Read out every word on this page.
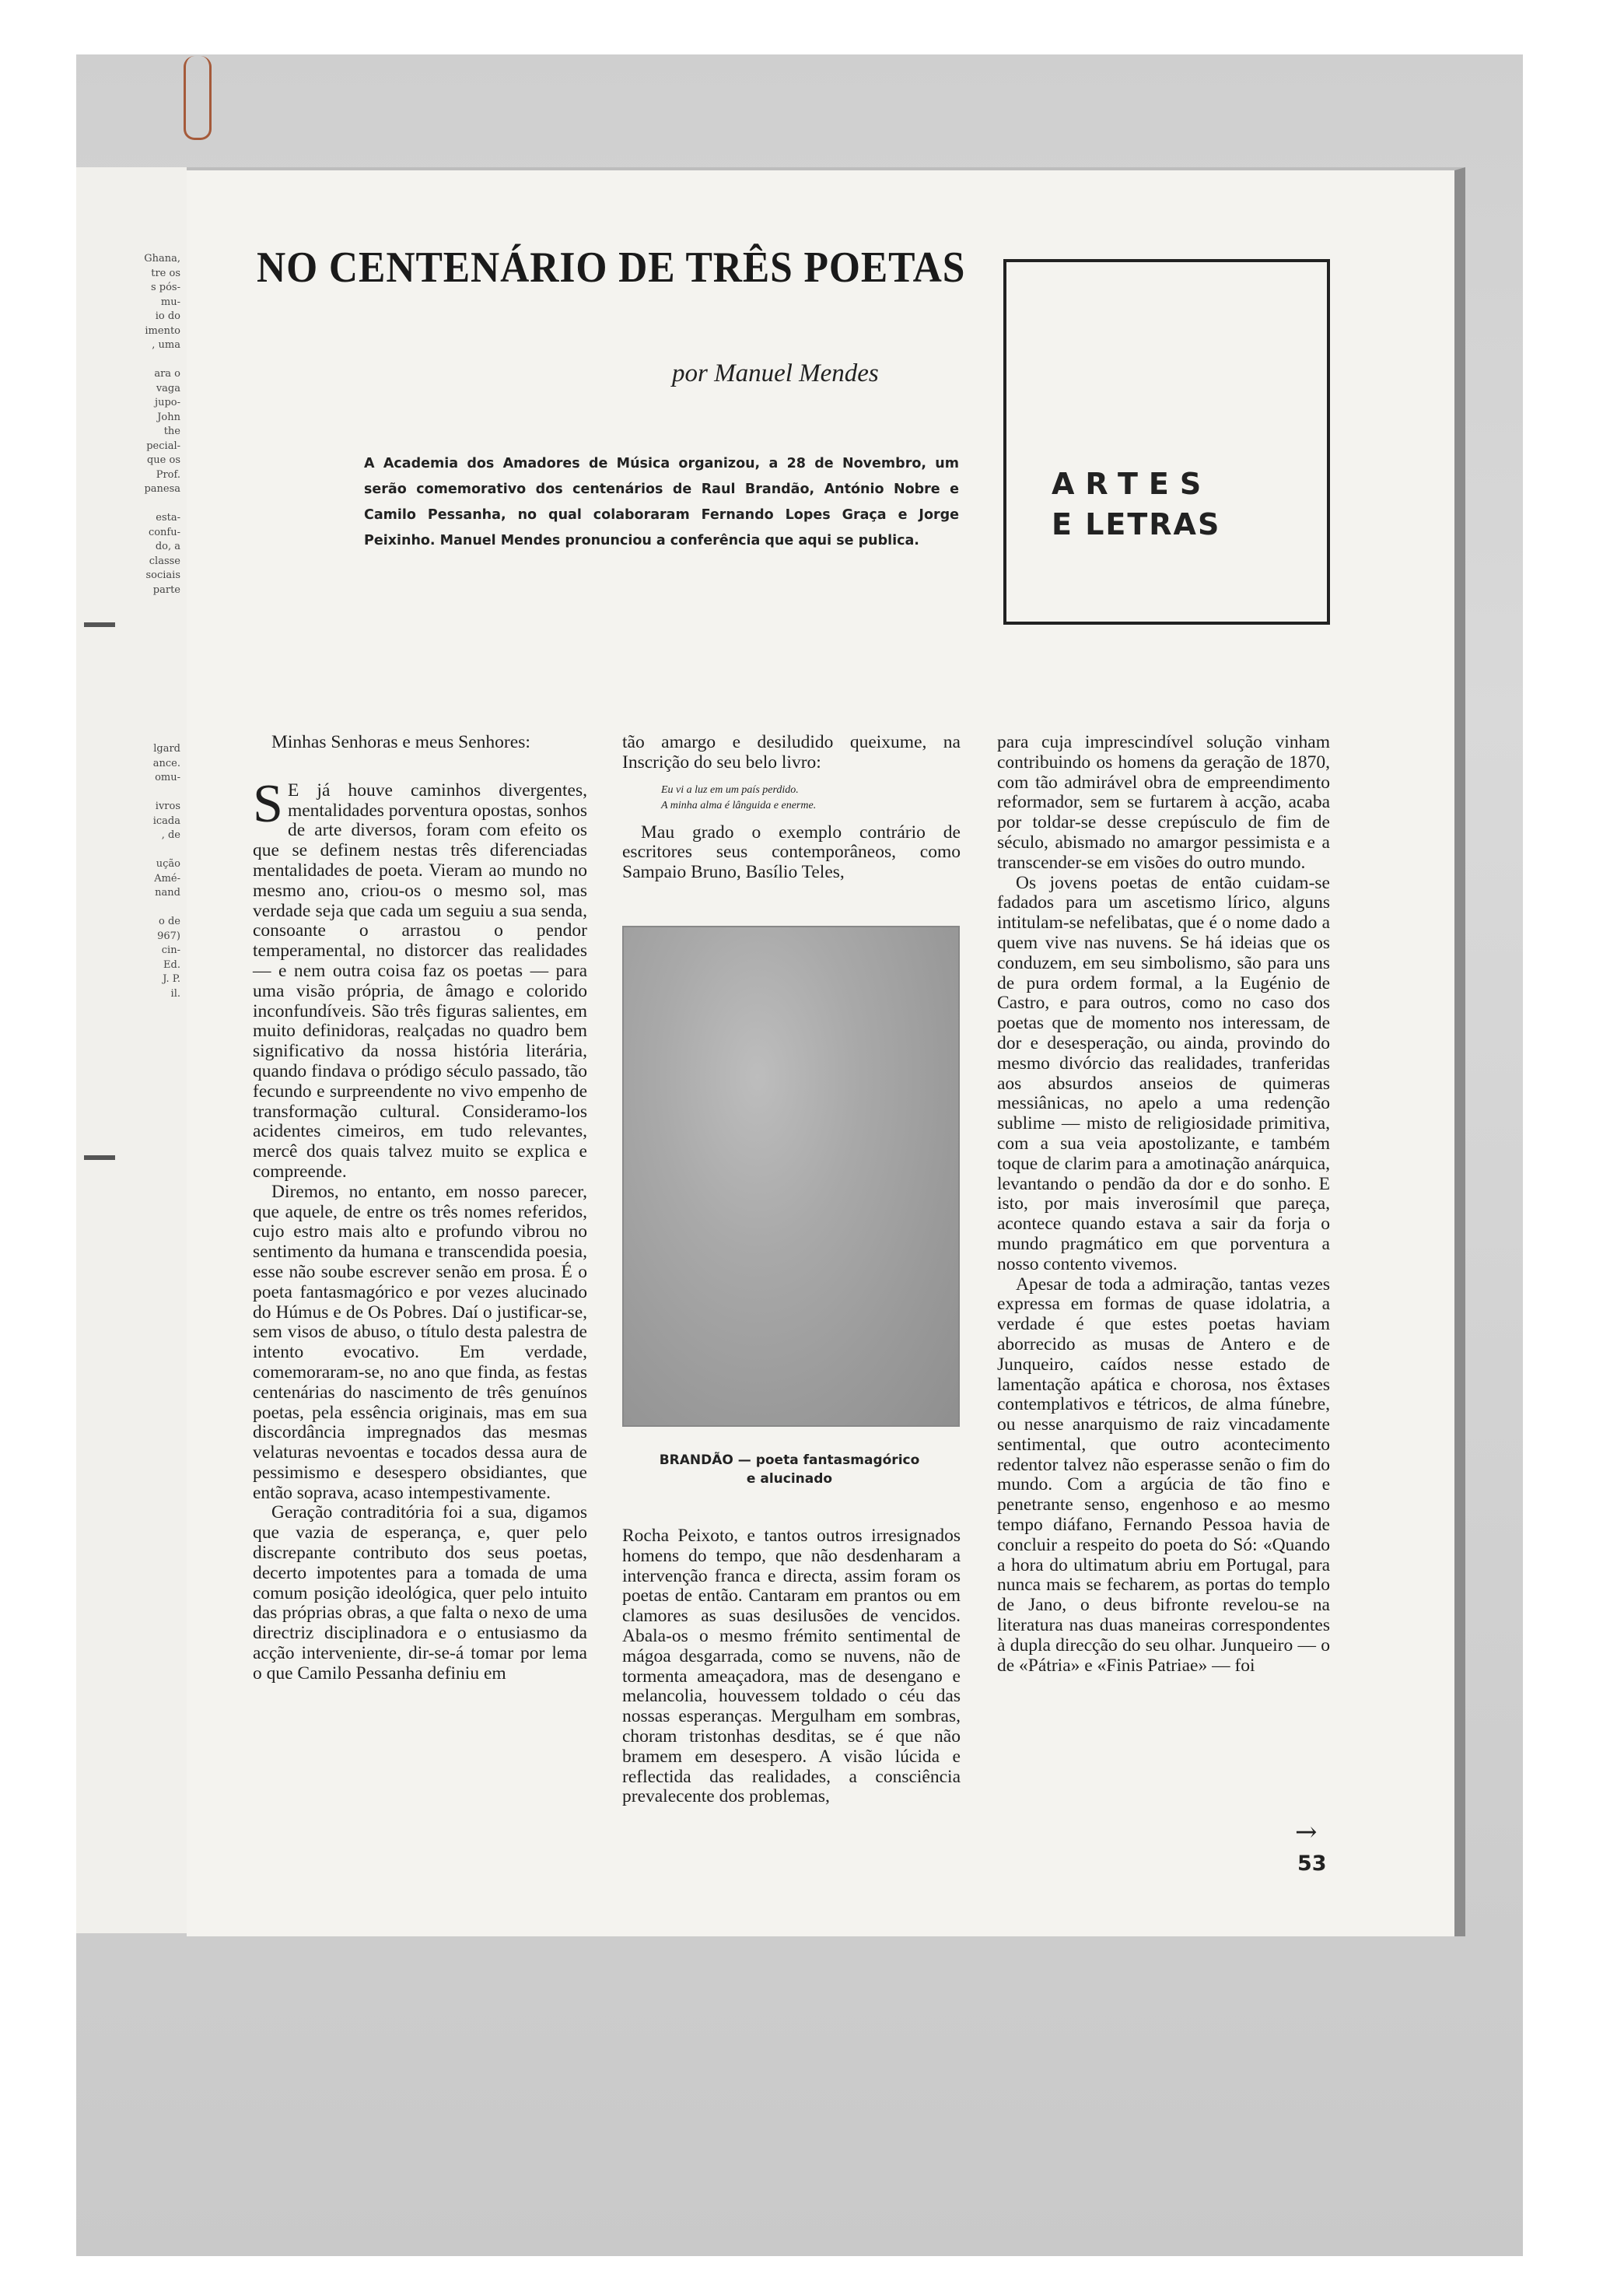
Ghana,
tre os
s pós-
mu-
io do
imento
, uma
ara o
vaga
jupo-
John
the
pecial-
que os
Prof.
panesa
esta-
confu-
do, a
classe
sociais
parte
lgard
ance.
omu-
ivros
icada
, de
ução
Amé-
nand
o de
967)
cin-
Ed.
J. P.
il.
NO CENTENÁRIO DE TRÊS POETAS
por Manuel Mendes
A Academia dos Amadores de Música organizou, a 28 de Novembro, um serão comemorativo dos centenários de Raul Brandão, António Nobre e Camilo Pessanha, no qual colaboraram Fernando Lopes Graça e Jorge Peixinho. Manuel Mendes pronunciou a conferência que aqui se publica.
ARTES
E LETRAS

Minhas Senhoras e meus Senhores:

S E já houve caminhos divergentes, mentalidades porventura opostas, sonhos de arte diversos, foram com efeito os que se definem nestas três diferenciadas mentalidades de poeta. Vieram ao mundo no mesmo ano, criou-os o mesmo sol, mas verdade seja que cada um seguiu a sua senda, consoante o arrastou o pendor temperamental, no distorcer das realidades — e nem outra coisa faz os poetas — para uma visão própria, de âmago e colorido inconfundíveis. São três figuras salientes, em muito definidoras, realçadas no quadro bem significativo da nossa história literária, quando findava o pródigo século passado, tão fecundo e surpreendente no vivo empenho de transformação cultural. Consideramo-los acidentes cimeiros, em tudo relevantes, mercê dos quais talvez muito se explica e compreende.

Diremos, no entanto, em nosso parecer, que aquele, de entre os três nomes referidos, cujo estro mais alto e profundo vibrou no sentimento da humana e transcendida poesia, esse não soube escrever senão em prosa. É o poeta fantasmagórico e por vezes alucinado do Húmus e de Os Pobres. Daí o justificar-se, sem visos de abuso, o título desta palestra de intento evocativo. Em verdade, comemoraram-se, no ano que finda, as festas centenárias do nascimento de três genuínos poetas, pela essência originais, mas em sua discordância impregnados das mesmas velaturas nevoentas e tocados dessa aura de pessimismo e desespero obsidiantes, que então soprava, acaso intempestivamente.

Geração contraditória foi a sua, digamos que vazia de esperança, e, quer pelo discrepante contributo dos seus poetas, decerto impotentes para a tomada de uma comum posição ideológica, quer pelo intuito das próprias obras, a que falta o nexo de uma directriz disciplinadora e o entusiasmo da acção interveniente, dir-se-á tomar por lema o que Camilo Pessanha definiu em

tão amargo e desiludido queixume, na Inscrição do seu belo livro:

Eu vi a luz em um país perdido.
A minha alma é lânguida e enerme.

Mau grado o exemplo contrário de escritores seus contemporâneos, como Sampaio Bruno, Basílio Teles,

BRANDÃO — poeta fantasmagórico
e alucinado

Rocha Peixoto, e tantos outros irresignados homens do tempo, que não desdenharam a intervenção franca e directa, assim foram os poetas de então. Cantaram em prantos ou em clamores as suas desilusões de vencidos. Abala-os o mesmo frémito sentimental de mágoa desgarrada, como se nuvens, não de tormenta ameaçadora, mas de desengano e melancolia, houvessem toldado o céu das nossas esperanças. Mergulham em sombras, choram tristonhas desditas, se é que não bramem em desespero. A visão lúcida e reflectida das realidades, a consciência prevalecente dos problemas,

para cuja imprescindível solução vinham contribuindo os homens da geração de 1870, com tão admirável obra de empreendimento reformador, sem se furtarem à acção, acaba por toldar-se desse crepúsculo de fim de século, abismado no amargor pessimista e a transcender-se em visões do outro mundo.

Os jovens poetas de então cuidam-se fadados para um ascetismo lírico, alguns intitulam-se nefelibatas, que é o nome dado a quem vive nas nuvens. Se há ideias que os conduzem, em seu simbolismo, são para uns de pura ordem formal, a la Eugénio de Castro, e para outros, como no caso dos poetas que de momento nos interessam, de dor e desesperação, ou ainda, provindo do mesmo divórcio das realidades, tranferidas aos absurdos anseios de quimeras messiânicas, no apelo a uma redenção sublime — misto de religiosidade primitiva, com a sua veia apostolizante, e também toque de clarim para a amotinação anárquica, levantando o pendão da dor e do sonho. E isto, por mais inverosímil que pareça, acontece quando estava a sair da forja o mundo pragmático em que porventura a nosso contento vivemos.

Apesar de toda a admiração, tantas vezes expressa em formas de quase idolatria, a verdade é que estes poetas haviam aborrecido as musas de Antero e de Junqueiro, caídos nesse estado de lamentação apática e chorosa, nos êxtases contemplativos e tétricos, de alma fúnebre, ou nesse anarquismo de raiz vincadamente sentimental, que outro acontecimento redentor talvez não esperasse senão o fim do mundo. Com a argúcia de tão fino e penetrante senso, engenhoso e ao mesmo tempo diáfano, Fernando Pessoa havia de concluir a respeito do poeta do Só: «Quando a hora do ultimatum abriu em Portugal, para nunca mais se fecharem, as portas do templo de Jano, o deus bifronte revelou-se na literatura nas duas maneiras correspondentes à dupla direcção do seu olhar. Junqueiro — o de «Pátria» e «Finis Patriae» — foi

→
53
